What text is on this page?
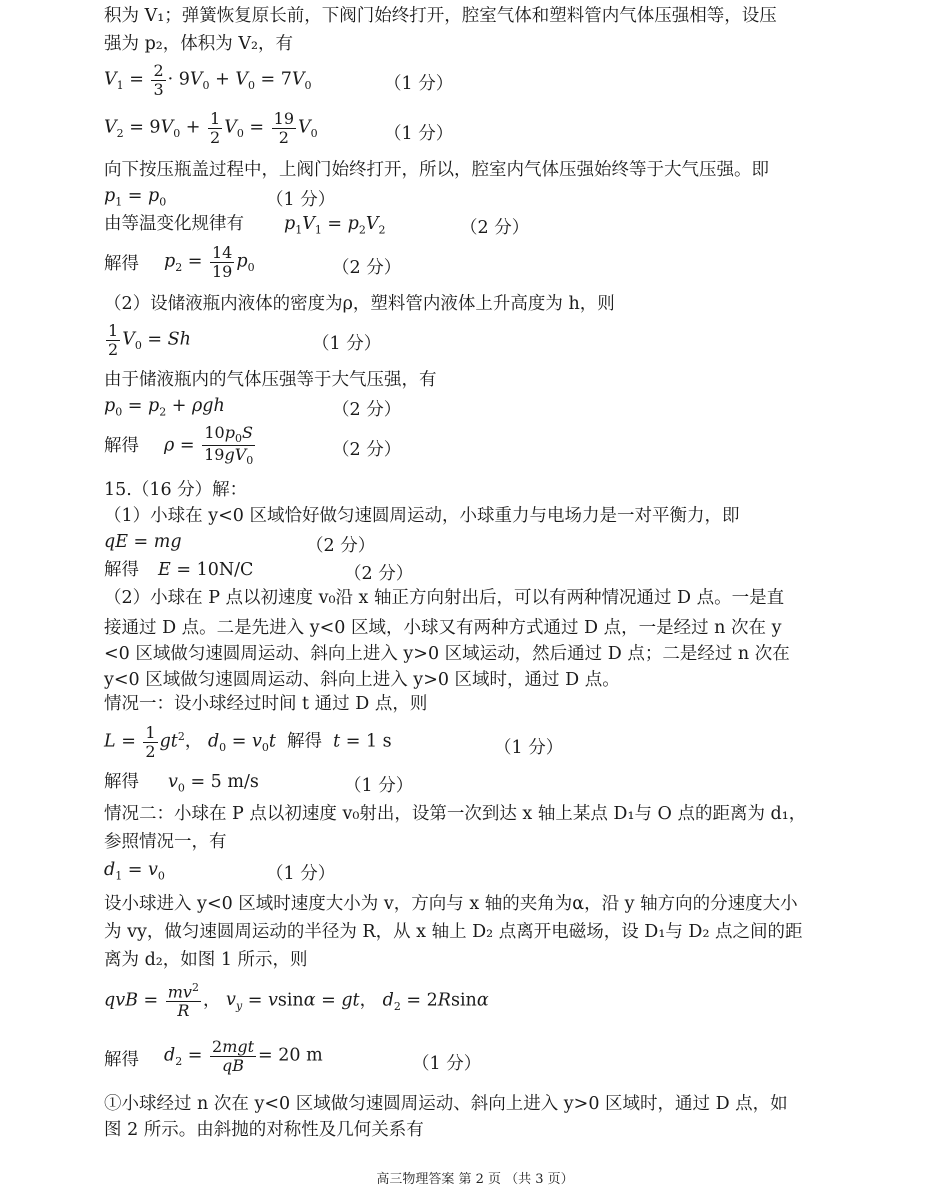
积为 V₁；弹簧恢复原长前，下阀门始终打开，腔室气体和塑料管内气体压强相等，设压
强为 p₂，体积为 V₂，有
$V_1 = \frac{2}{3} \cdot 9V_0 + V_0 = 7V_0$	（1 分）
$V_2 = 9V_0 + \frac{1}{2} V_0 = \frac{19}{2} V_0$	（1 分）
向下按压瓶盖过程中，上阀门始终打开，所以，腔室内气体压强始终等于大气压强。即
$p_1 = p_0$	（1 分）
由等温变化规律有 $p_1V_1 = p_2V_2$	（2 分）
解得 $p_2 = \frac{14}{19} p_0$	（2 分）
（2）设储液瓶内液体的密度为ρ，塑料管内液体上升高度为 h，则
$\frac{1}{2} V_0 = Sh$	（1 分）
由于储液瓶内的气体压强等于大气压强，有
$p_0 = p_2 + \rho gh$	（2 分）
解得 $\rho = \frac{10p_0S}{19gV_0}$	（2 分）
15.（16 分）解：
（1）小球在 y<0 区域恰好做匀速圆周运动，小球重力与电场力是一对平衡力，即
qE = mg	（2 分）
解得 E = 10N/C	（2 分）
（2）小球在 P 点以初速度 v₀沿 x 轴正方向射出后，可以有两种情况通过 D 点。一是直
接通过 D 点。二是先进入 y<0 区域，小球又有两种方式通过 D 点，一是经过 n 次在 y
<0 区域做匀速圆周运动、斜向上进入 y>0 区域运动，然后通过 D 点；二是经过 n 次在
y<0 区域做匀速圆周运动、斜向上进入 y>0 区域时，通过 D 点。
情况一：设小球经过时间 t 通过 D 点，则
$L = \frac{1}{2} gt^2$， $d_0 = v_0t$  解得  t = 1 s	（1 分）
解得 $v_0 = 5$ m/s	（1 分）
情况二：小球在 P 点以初速度 v₀射出，设第一次到达 x 轴上某点 D₁与 O 点的距离为 d₁，
参照情况一，有
$d_1 = v_0$	（1 分）
设小球进入 y<0 区域时速度大小为 v，方向与 x 轴的夹角为α，沿 y 轴方向的分速度大小
为 vy，做匀速圆周运动的半径为 R，从 x 轴上 D₂ 点离开电磁场，设 D₁与 D₂ 点之间的距
离为 d₂，如图 1 所示，则
qvB = $\frac{mv^2}{R}$ ， $v_y = vsin\alpha$ = gt， $d_2 = 2Rsin\alpha$
解得 $d_2 = \frac{\text{2mgt}}{qB} = 20$ m	（1 分）
①小球经过 n 次在 y<0 区域做匀速圆周运动、斜向上进入 y>0 区域时，通过 D 点，如
图 2 所示。由斜抛的对称性及几何关系有
高三物理答案 第 2 页 （共 3 页）
